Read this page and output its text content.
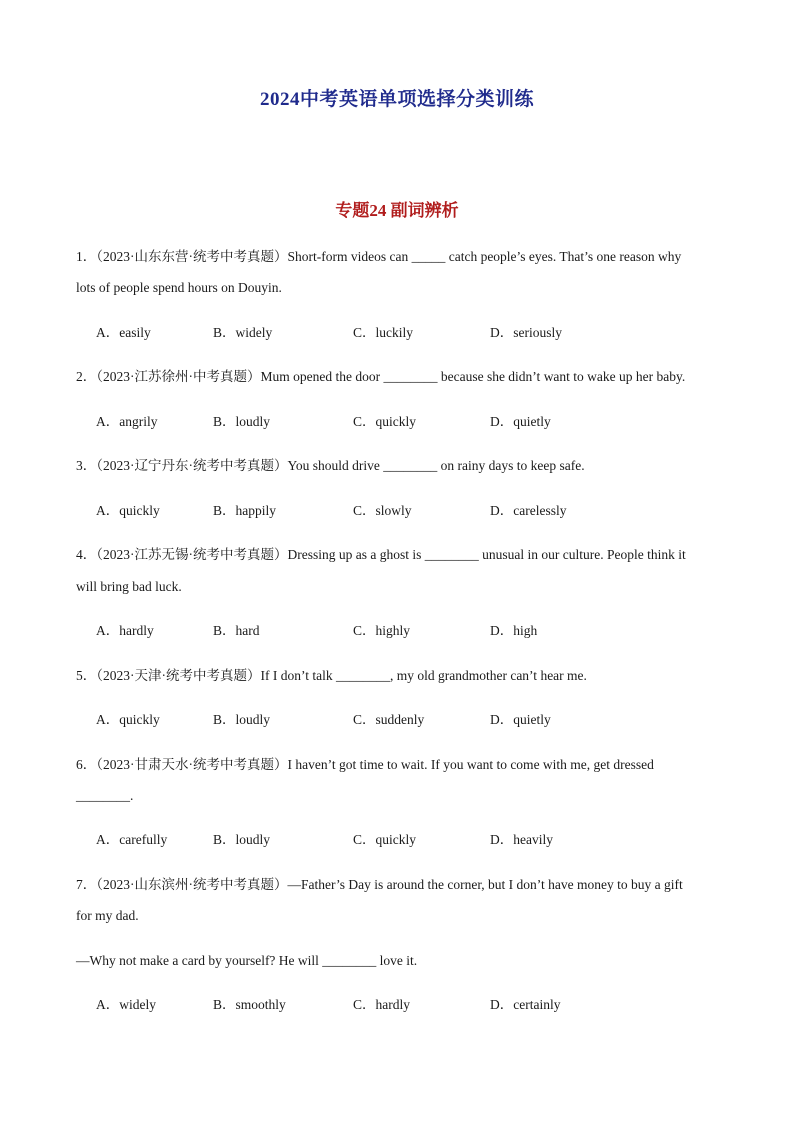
2024中考英语单项选择分类训练
专题24 副词辨析
1．（2023·山东东营·统考中考真题）Short-form videos can _____ catch people’s eyes. That’s one reason why
lots of people spend hours on Douyin.
A．easily	B．widely	C．luckily	D．seriously
2．（2023·江苏徐州·中考真题）Mum opened the door ________ because she didn’t want to wake up her baby.
A．angrily	B．loudly	C．quickly	D．quietly
3．（2023·辽宁丹东·统考中考真题）You should drive ________ on rainy days to keep safe.
A．quickly	B．happily	C．slowly	D．carelessly
4．（2023·江苏无锡·统考中考真题）Dressing up as a ghost is ________ unusual in our culture. People think it
will bring bad luck.
A．hardly	B．hard	C．highly	D．high
5．（2023·天津·统考中考真题）If I don’t talk ________, my old grandmother can’t hear me.
A．quickly	B．loudly	C．suddenly	D．quietly
6．（2023·甘肃天水·统考中考真题）I haven’t got time to wait. If you want to come with me, get dressed
________.
A．carefully	B．loudly	C．quickly	D．heavily
7．（2023·山东滨州·统考中考真题）—Father’s Day is around the corner, but I don’t have money to buy a gift
for my dad.
—Why not make a card by yourself? He will ________ love it.
A．widely	B．smoothly	C．hardly	D．certainly
